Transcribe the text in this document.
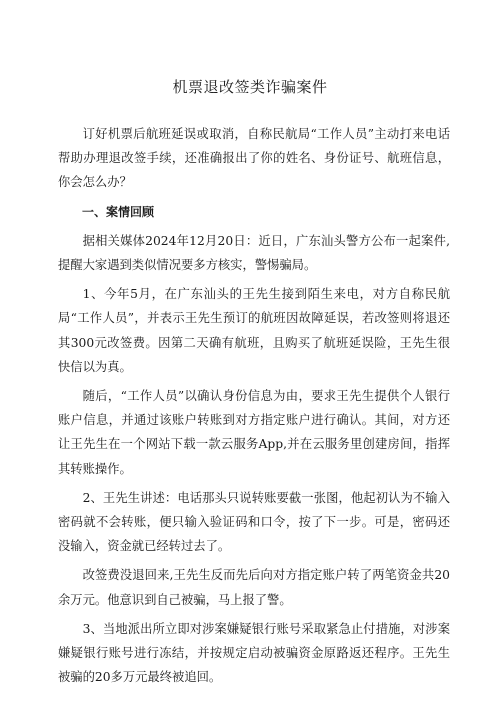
机票退改签类诈骗案件

订好机票后航班延误或取消，自称民航局“工作人员”主动打来电话帮助办理退改签手续，还准确报出了你的姓名、身份证号、航班信息，你会怎么办？

一、案情回顾

据相关媒体2024年12月20日：近日，广东汕头警方公布一起案件,提醒大家遇到类似情况要多方核实，警惕骗局。

1、今年5月，在广东汕头的王先生接到陌生来电，对方自称民航局“工作人员”，并表示王先生预订的航班因故障延误，若改签则将退还其300元改签费。因第二天确有航班，且购买了航班延误险，王先生很快信以为真。

随后，“工作人员”以确认身份信息为由，要求王先生提供个人银行账户信息，并通过该账户转账到对方指定账户进行确认。其间，对方还让王先生在一个网站下载一款云服务App,并在云服务里创建房间，指挥其转账操作。

2、王先生讲述：电话那头只说转账要截一张图，他起初认为不输入密码就不会转账，便只输入验证码和口令，按了下一步。可是，密码还没输入，资金就已经转过去了。

改签费没退回来,王先生反而先后向对方指定账户转了两笔资金共20余万元。他意识到自己被骗，马上报了警。

3、当地派出所立即对涉案嫌疑银行账号采取紧急止付措施，对涉案嫌疑银行账号进行冻结，并按规定启动被骗资金原路返还程序。王先生被骗的20多万元最终被追回。
